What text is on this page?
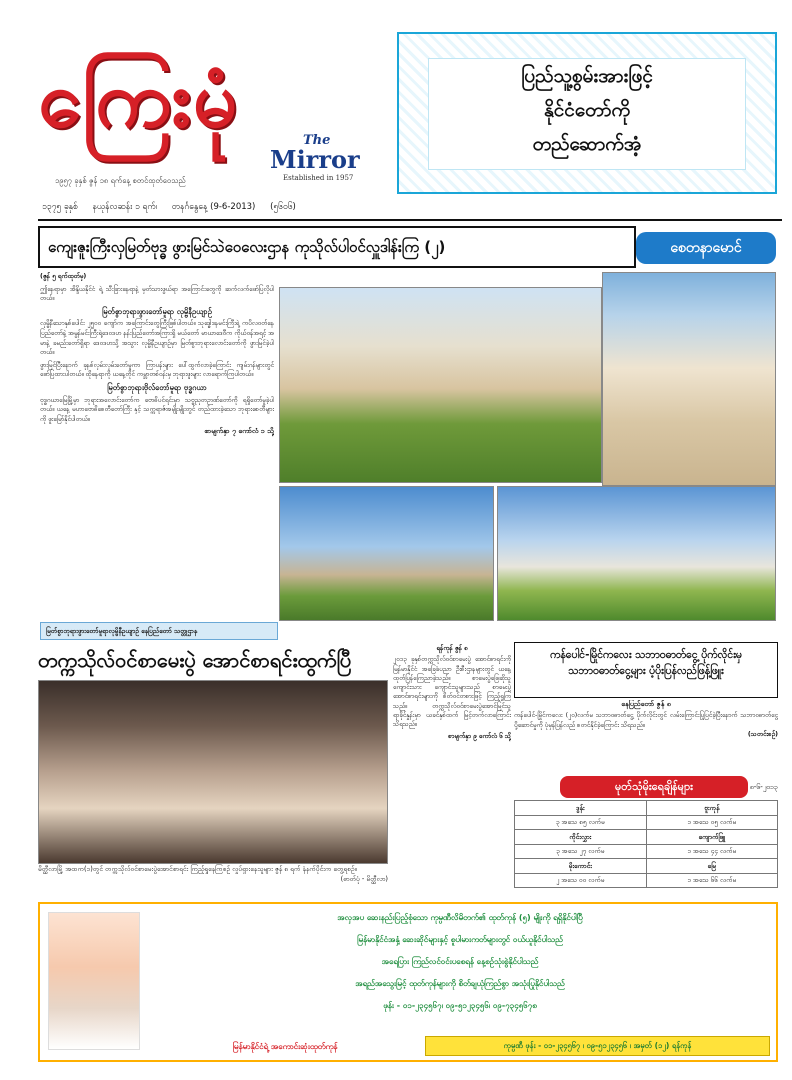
ကြေးမုံ	The
Mirror
Established in 1957
၁၉၅၇ ခုနှစ် ဇွန် ၁၈ ရက်နေ့ စတင်ထုတ်ဝေသည်
ပြည်သူ့စွမ်းအားဖြင့်
နိုင်ငံတော်ကို
တည်ဆောက်အံ့
၁၃၇၅ ခုနှစ် နယုန်လဆန်း ၁ ရက်၊ တနင်္ဂနွေနေ့ (9-6-2013) (၅၆၀၆)
ကျေးဇူးကြီးလှမြတ်ဗုဒ္ဓ ဖွားမြင်သဲဝေလေးဌာန ကုသိုလ်ပါဝင်လှူဒါန်းကြ (၂)	စေတနာမောင်

(ဇွန် ၅ ရက်ထုတ်မှ)

ဤနေရာမှာ အိန္ဒိယနိုင်ငံ ရဲ့ သီးခြားနေရာနဲ့ မှတ်သားဖွယ်ရာ အကြောင်းတွေကို ဆက်လက်ဖော်ပြလိုပါတယ်။

မြတ်စွာဘုရားဖွားတော်မူရာ လုမ္ဗိနီဥယျာဉ်

လုမ္ဗိနီသောနှစ်ပေါင်း ၂၅၀၀ ကျော်က အကြောင်းတွေကြီးဖြစ်ပါတယ်။ သုဒ္ဓေါဒနမင်းကြီးရဲ့ ကပိလဝတ်နေပြည်တော်နဲ့ အမွန်မင်းကြီးရဲ့ဒေဝဒဟ နန်းပြည်တော်အကြားရှိ မယ်တော် မာယာဒေဝီက ကိုယ်ဝန်အရင့် အမာနဲ့ ခမည်းတော်ရှိရာ ဒေဝဒဟသို့ အသွား လုမ္ဗိနီဥယျာဉ်မှာ မြတ်စွာဘုရားလောင်းတော်ကို ဖွားမြင်ခဲ့ပါတယ်။

ဖွားမြင်ပြီးနောက် ခုနစ်လှမ်းလှမ်းတော်မူကာ ကြာပန်းများ ပေါ်ထွက်လာခဲ့ကြောင်း ကျမ်းဂန်များတွင် ဖော်ပြထားပါတယ်။ ထိုနေရာကို ယနေ့တိုင် ကမ္ဘာတစ်ဝန်းမှ ဘုရားဖူးများ လာရောက်ကြပါတယ်။

မြတ်စွာဘုရားဗိုလ်တော်မူရာ ဗုဒ္ဓဂယာ

ဗုဒ္ဓဂယာမြေမြို့မှာ ဘုရားအလောင်းတော်က ဗောဓိပင်ရင်းမှာ သဗ္ဗညုတဉာဏ်တော်ကို ရရှိတော်မူခဲ့ပါတယ်။ ယနေ့ မဟာဗောဓိစေတီတော်ကြီး နှင့် သက္ကရာဇ်အမျိုးမျိုးတွင် တည်ထားခဲ့သော ဘုရားစေတီများကို ဖူးမြော်နိုင်ပါတယ်။

စာမျက်နှာ ၇ ကော်လံ ၁ သို့
မြတ်စွာဘုရားဖွားတော်မူရာလုမ္ဗိနီဥယျာဉ် နေပြည်တော် သတ္တုဌာန
တက္ကသိုလ်ဝင်စာမေးပွဲ အောင်စာရင်းထွက်ပြီ
မိတ္ထီလာမြို့ အထက(၁)တွင် တက္ကသိုလ်ဝင်စာမေးပွဲအောင်စာရင်း ကြည့်ရှုနေကြစဉ် လှုပ်ရှားနေသူများ ဇွန် ၈ ရက် နံနက်ပိုင်းက တွေ့ရစဉ်။
(ဓာတ်ပုံ - မိတ္ထီလာ)

ရန်ကုန် ဇွန် ၈

၂၀၁၃ ခုနှစ်တက္ကသိုလ်ဝင်စာမေးပွဲ အောင်စာရင်းကို မြန်မာနိုင်ငံ အခြေခံပညာ ဦးစီးဌာနများတွင် ယနေ့ ထုတ်ပြန်ကြေညာခဲ့သည်။ စာမေးပွဲဖြေဆိုသူ ကျောင်းသား ကျောင်းသူများသည် စာမေးပွဲ အောင်စာရင်းများကို စိတ်ဝင်တစားဖြင့် ကြည့်ရှုကြသည်။ တက္ကသိုလ်ဝင်စာမေးပွဲအောင်မြင်သူ ရာခိုင်နှုန်းမှာ ယခင်နှစ်ထက် မြင့်တက်လာကြောင်း သိရသည်။

စာမျက်နှာ ၉ ကော်လံ ၆ သို့

ကန်ပေါင်-မြိုင်ကလေး သဘာဝဓာတ်ငွေ့ ပိုက်လိုင်းမှ သဘာဝဓာတ်ငွေ့များ ပံ့ပိုးပြန်လည်ဖြန့်ဖြူး
နေပြည်တော် ဇွန် ၈

ကန်ပေါင်-မြိုင်ကလေး (၂၀)လက်မ သဘာဝဓာတ်ငွေ့ ပိုက်လိုင်းတွင် လမ်းကြောင်းပြုပြင်ခဲ့ပြီးနောက် သဘာဝဓာတ်ငွေ့ ပို့ဆောင်မှုကို ပုံမှန်ပြန်လည် စတင်နိုင်ခဲ့ကြောင်း သိရသည်။

(သတင်းစဉ်)

မုတ်သုံမိုးရေချိန်များ	၈-၆-၂၀၁၃
ဒွန်း	ဗူးကုန်
၃ အသေ ၈၅ လက်မ	၁ အသေ ၀၅ လက်မ
ကိုင်းလွှား	ကျောက်ဖြူ
၃ အသေ ၂၇ လက်မ	၁ အသေ ၄၄ လက်မ
မိုးကောင်း	မြေ
၂ အသေ ၀၀ လက်မ	၁ အသေ ၆၆ လက်မ
အလှအပ ဆေးနည်းပြည့်စုံသော ကုမ္ပဏီလိမိတက်၏ ထုတ်ကုန် (၅) မျိုးကို ရရှိနိုင်ပါပြီ
မြန်မာနိုင်ငံအနှံ့ ဆေးဆိုင်များနှင့် စူပါမားကတ်များတွင် ဝယ်ယူနိုင်ပါသည်
အရေပြား ကြည်လင်ဝင်းပစေရန် နေ့စဉ်သုံးစွဲနိုင်ပါသည်
အရည်အသွေးမြင့် ထုတ်ကုန်များကို စိတ်ချယုံကြည်စွာ အသုံးပြုနိုင်ပါသည်
ဖုန်း - ၀၁-၂၃၄၅၆၇၊ ၀၉-၅၁၂၃၄၅၆၊ ၀၉-၇၃၄၅၆၇၈
မြန်မာနိုင်ငံရဲ့ အကောင်းဆုံးထုတ်ကုန်	ကုမ္ပဏီ ဖုန်း - ၀၁-၂၃၄၅၆၇ ၊ ၀၉-၅၁၂၃၄၅၆ ၊ အမှတ် (၁၂) ရန်ကုန်
